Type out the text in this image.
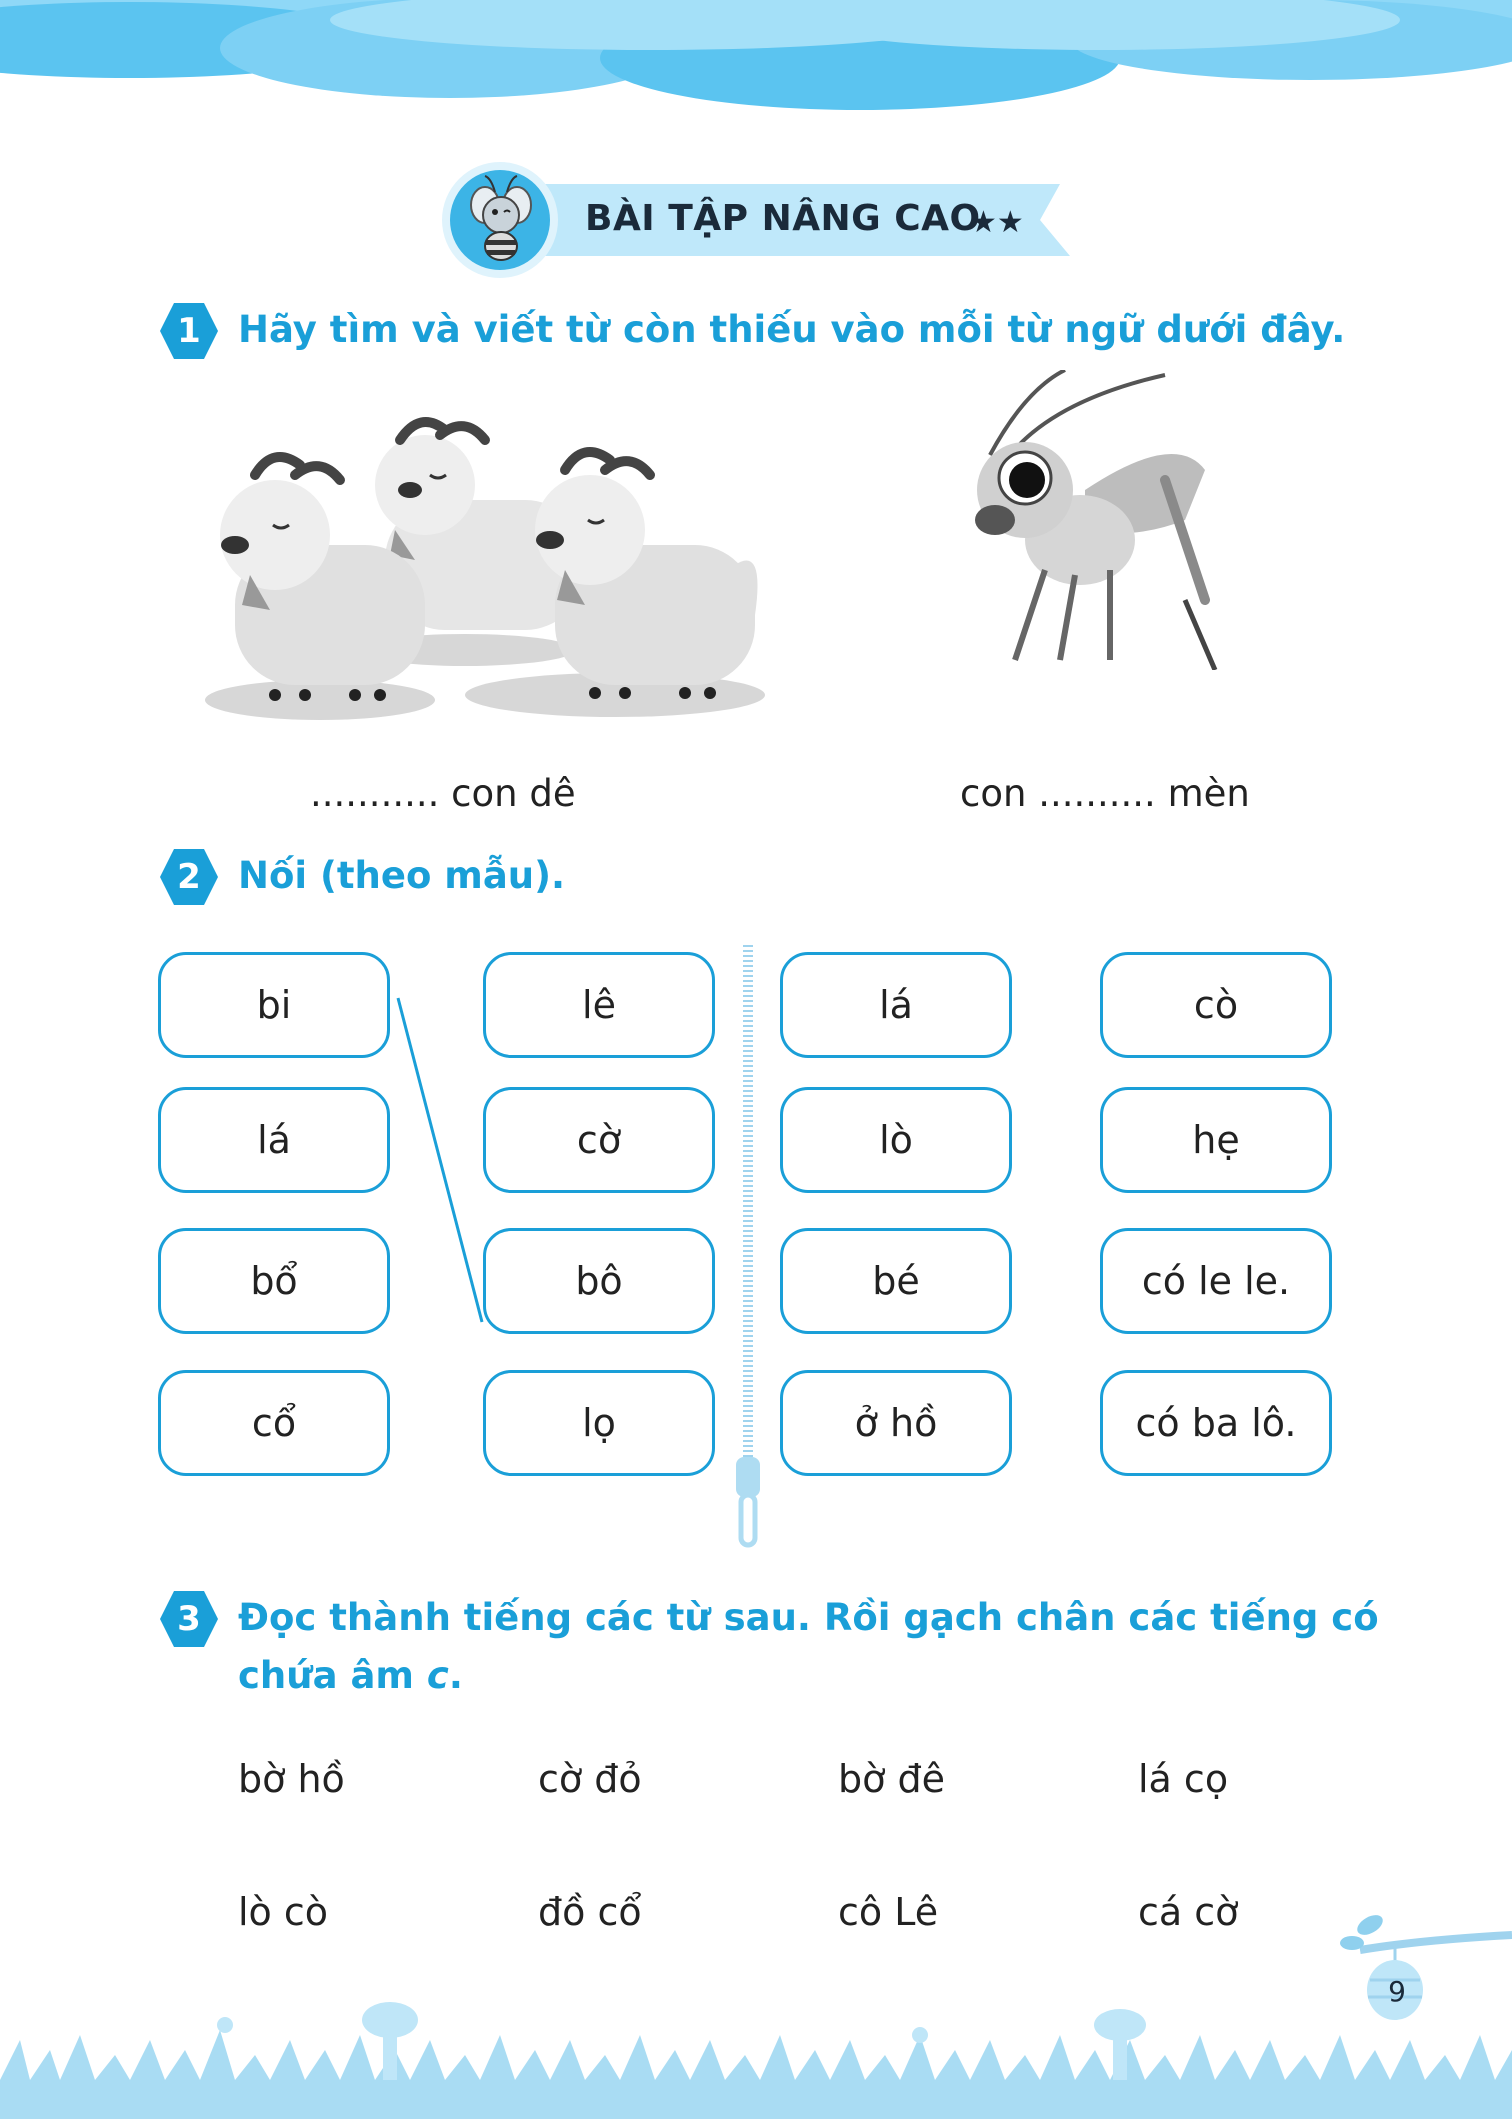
BÀI TẬP NÂNG CAO
★★
1	Hãy tìm và viết từ còn thiếu vào mỗi từ ngữ dưới đây.
........... con dê	con .......... mèn
2	Nối (theo mẫu).
bi
lá
bổ
cổ
lê
cờ
bô
lọ
lá
lò
bé
ở hồ
cò
hẹ
có le le.
có ba lô.
3	Đọc thành tiếng các từ sau. Rồi gạch chân các tiếng có
chứa âm c.
bờ hồ	cờ đỏ	bờ đê	lá cọ
lò cò	đồ cổ	cô Lê	cá cờ
9
